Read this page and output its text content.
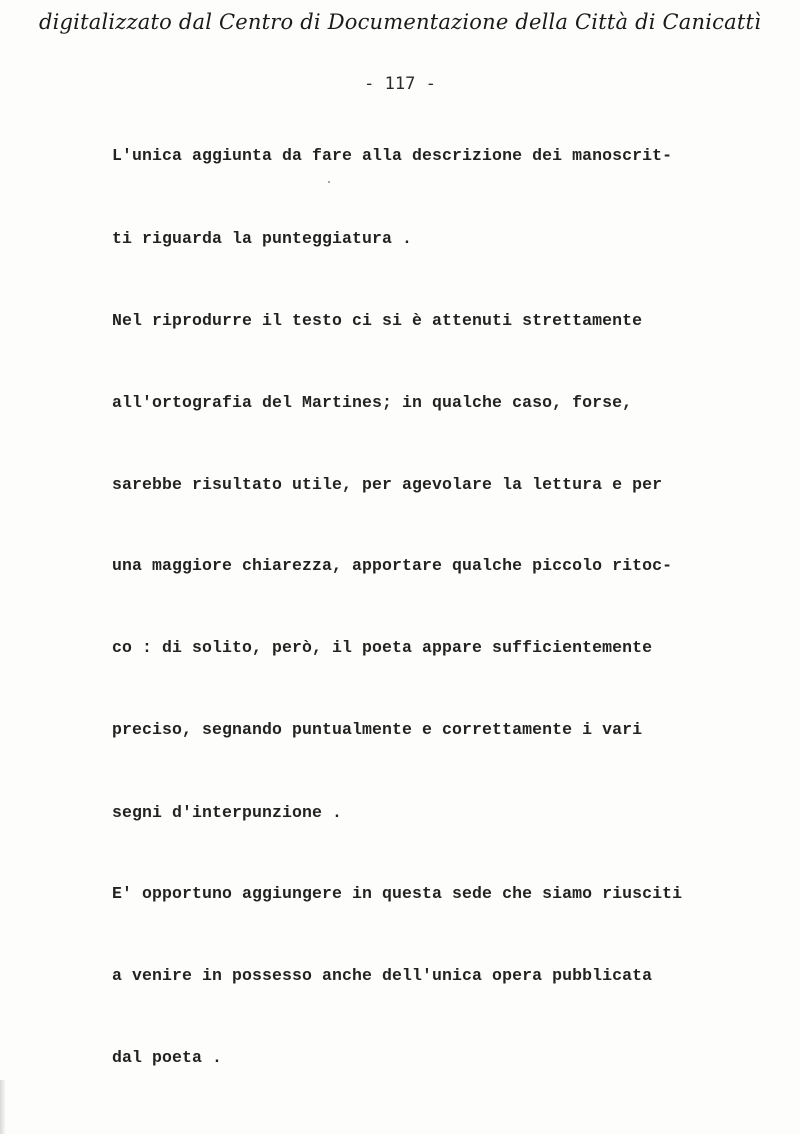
digitalizzato dal Centro di Documentazione della Città di Canicattì
- 117 -
L'unica aggiunta da fare alla descrizione dei manoscrit-
ti riguarda la punteggiatura .
Nel riprodurre il testo ci si è attenuti strettamente
all'ortografia del Martines; in qualche caso, forse,
sarebbe risultato utile, per agevolare la lettura e per
una maggiore chiarezza, apportare qualche piccolo ritoc-
co : di solito, però, il poeta appare sufficientemente
preciso, segnando puntualmente e correttamente i vari
segni d'interpunzione .
E' opportuno aggiungere in questa sede che siamo riusciti
a venire in possesso anche dell'unica opera pubblicata
dal poeta .
